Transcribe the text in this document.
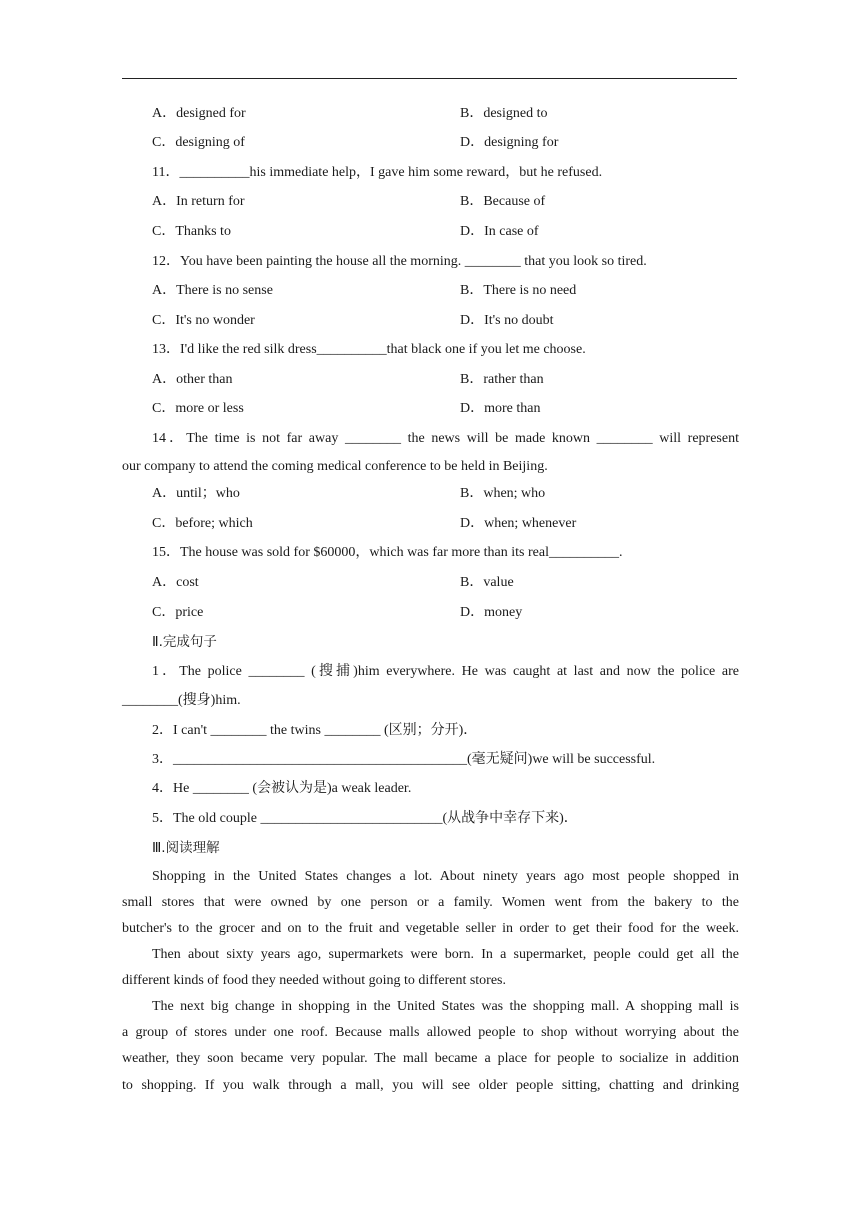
A．designed for	B．designed to
C．designing of	D．designing for
11．__________his immediate help，I gave him some reward，but he refused.
A．In return for	B．Because of
C．Thanks to	D．In case of
12．You have been painting the house all the morning. ________ that you look so tired.
A．There is no sense	B．There is no need
C．It's no wonder	D．It's no doubt
13．I'd like the red silk dress__________that black one if you let me choose.
A．other than	B．rather than
C．more or less	D．more than
14．The time is not far away ________ the news will be made known ________ will represent
our company to attend the coming medical conference to be held in Beijing.
A．until；who	B．when; who
C．before; which	D．when; whenever
15．The house was sold for $60000，which was far more than its real__________.
A．cost	B．value
C．price	D．money
Ⅱ.完成句子
1．The police ________ (搜捕)him everywhere. He was caught at last and now the police are
________(搜身)him.
2．I can't ________ the twins ________ (区别；分开)．
3．__________________________________________(毫无疑问)we will be successful.
4．He ________ (会被认为是)a weak leader.
5．The old couple __________________________(从战争中幸存下来)．
Ⅲ.阅读理解
Shopping in the United States changes a lot. About ninety years ago most people shopped in
small stores that were owned by one person or a family. Women went from the bakery to the
butcher's to the grocer and on to the fruit and vegetable seller in order to get their food for the week.
Then about sixty years ago, supermarkets were born. In a supermarket, people could get all the
different kinds of food they needed without going to different stores.
The next big change in shopping in the United States was the shopping mall. A shopping mall is
a group of stores under one roof. Because malls allowed people to shop without worrying about the
weather, they soon became very popular. The mall became a place for people to socialize in addition
to shopping. If you walk through a mall, you will see older people sitting, chatting and drinking
